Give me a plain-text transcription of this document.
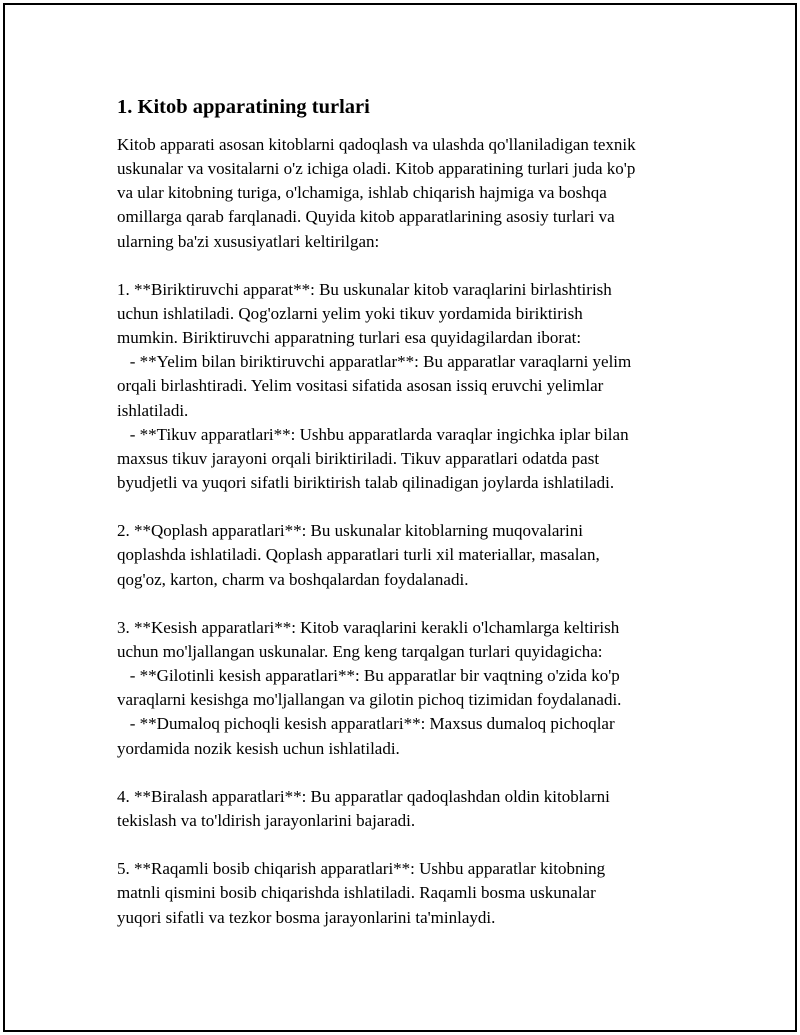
1. Kitob apparatining turlari
Kitob apparati asosan kitoblarni qadoqlash va ulashda qo'llaniladigan texnik
uskunalar va vositalarni o'z ichiga oladi. Kitob apparatining turlari juda ko'p
va ular kitobning turiga, o'lchamiga, ishlab chiqarish hajmiga va boshqa
omillarga qarab farqlanadi. Quyida kitob apparatlarining asosiy turlari va
ularning ba'zi xususiyatlari keltirilgan:
1. **Biriktiruvchi apparat**: Bu uskunalar kitob varaqlarini birlashtirish
uchun ishlatiladi. Qog'ozlarni yelim yoki tikuv yordamida biriktirish
mumkin. Biriktiruvchi apparatning turlari esa quyidagilardan iborat:
- **Yelim bilan biriktiruvchi apparatlar**: Bu apparatlar varaqlarni yelim
orqali birlashtiradi. Yelim vositasi sifatida asosan issiq eruvchi yelimlar
ishlatiladi.
- **Tikuv apparatlari**: Ushbu apparatlarda varaqlar ingichka iplar bilan
maxsus tikuv jarayoni orqali biriktiriladi. Tikuv apparatlari odatda past
byudjetli va yuqori sifatli biriktirish talab qilinadigan joylarda ishlatiladi.
2. **Qoplash apparatlari**: Bu uskunalar kitoblarning muqovalarini
qoplashda ishlatiladi. Qoplash apparatlari turli xil materiallar, masalan,
qog'oz, karton, charm va boshqalardan foydalanadi.
3. **Kesish apparatlari**: Kitob varaqlarini kerakli o'lchamlarga keltirish
uchun mo'ljallangan uskunalar. Eng keng tarqalgan turlari quyidagicha:
- **Gilotinli kesish apparatlari**: Bu apparatlar bir vaqtning o'zida ko'p
varaqlarni kesishga mo'ljallangan va gilotin pichoq tizimidan foydalanadi.
- **Dumaloq pichoqli kesish apparatlari**: Maxsus dumaloq pichoqlar
yordamida nozik kesish uchun ishlatiladi.
4. **Biralash apparatlari**: Bu apparatlar qadoqlashdan oldin kitoblarni
tekislash va to'ldirish jarayonlarini bajaradi.
5. **Raqamli bosib chiqarish apparatlari**: Ushbu apparatlar kitobning
matnli qismini bosib chiqarishda ishlatiladi. Raqamli bosma uskunalar
yuqori sifatli va tezkor bosma jarayonlarini ta'minlaydi.
